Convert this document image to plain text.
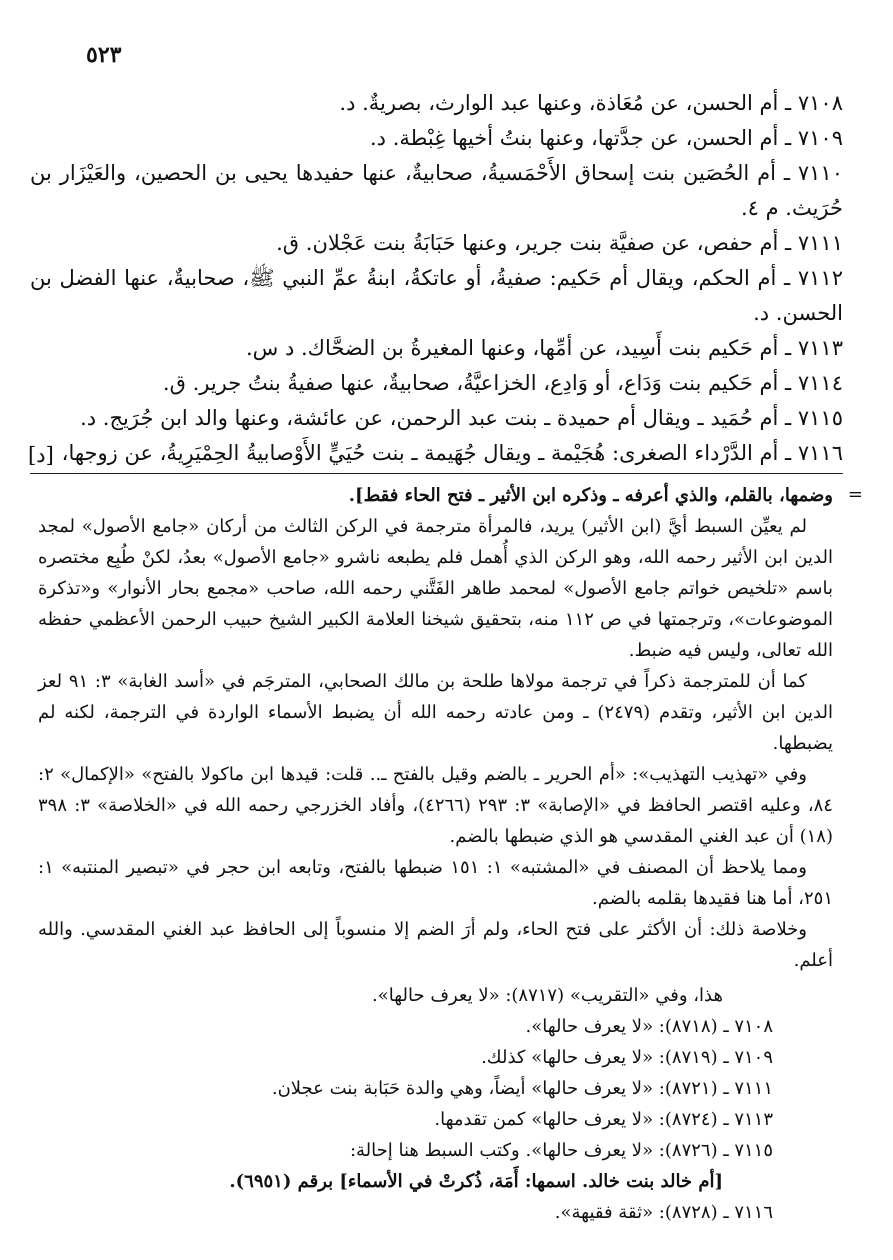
٥٢٣

٧١٠٨ ـ أم الحسن، عن مُعَاذة، وعنها عبد الوارث، بصريةٌ. د.

٧١٠٩ ـ أم الحسن، عن جدَّتها، وعنها بنتُ أخيها غِبْطة. د.

٧١١٠ ـ أم الحُصَين بنت إسحاق الأَحْمَسيةُ، صحابيةٌ، عنها حفيدها يحيى بن الحصين، والعَيْزَار بن حُرَيث. م ٤.

٧١١١ ـ أم حفص، عن صفيَّة بنت جرير، وعنها حَبَابَةُ بنت عَجْلان. ق.

٧١١٢ ـ أم الحكم، ويقال أم حَكيم: صفيةُ، أو عاتكةُ، ابنةُ عمِّ النبي ﷺ، صحابيةٌ، عنها الفضل بن الحسن. د.

٧١١٣ ـ أم حَكيم بنت أَسِيد، عن أمِّها، وعنها المغيرةُ بن الضحَّاك. د س.

٧١١٤ ـ أم حَكيم بنت وَدَاع، أو وَادِع، الخزاعيَّةُ، صحابيةٌ، عنها صفيةُ بنتُ جرير. ق.

٧١١٥ ـ أم حُمَيد ـ ويقال أم حميدة ـ بنت عبد الرحمن، عن عائشة، وعنها والد ابن جُرَيج. د.

٧١١٦ ـ أم الدَّرْداء الصغرى: هُجَيْمة ـ ويقال جُهَيمة ـ بنت حُيَيٍّ الأَوْصابيةُ الحِمْيَرِيةُ، عن زوجها،

[د]
=

وضمها، بالقلم، والذي أعرفه ـ وذكره ابن الأثير ـ فتح الحاء فقط].

لم يعيِّن السبط أيَّ (ابن الأثير) يريد، فالمرأة مترجمة في الركن الثالث من أركان «جامع الأصول» لمجد الدين ابن الأثير رحمه الله، وهو الركن الذي أُهمل فلم يطبعه ناشرو «جامع الأصول» بعدُ، لكنْ طُبِع مختصره باسم «تلخيص خواتم جامع الأصول» لمحمد طاهر الفَتَّني رحمه الله، صاحب «مجمع بحار الأنوار» و«تذكرة الموضوعات»، وترجمتها في ص ١١٢ منه، بتحقيق شيخنا العلامة الكبير الشيخ حبيب الرحمن الأعظمي حفظه الله تعالى، وليس فيه ضبط.

كما أن للمترجمة ذكراً في ترجمة مولاها طلحة بن مالك الصحابي، المترجَم في «أسد الغابة» ٣: ٩١ لعز الدين ابن الأثير، وتقدم (٢٤٧٩) ـ ومن عادته رحمه الله أن يضبط الأسماء الواردة في الترجمة، لكنه لم يضبطها.

وفي «تهذيب التهذيب»: «أم الحرير ـ بالضم وقيل بالفتح ـ.. قلت: قيدها ابن ماكولا بالفتح» «الإكمال» ٢: ٨٤، وعليه اقتصر الحافظ في «الإصابة» ٣: ٢٩٣ (٤٢٦٦)، وأفاد الخزرجي رحمه الله في «الخلاصة» ٣: ٣٩٨ (١٨) أن عبد الغني المقدسي هو الذي ضبطها بالضم.

ومما يلاحظ أن المصنف في «المشتبه» ١: ١٥١ ضبطها بالفتح، وتابعه ابن حجر في «تبصير المنتبه» ١: ٢٥١، أما هنا فقيدها بقلمه بالضم.

وخلاصة ذلك: أن الأكثر على فتح الحاء، ولم أرَ الضم إلا منسوباً إلى الحافظ عبد الغني المقدسي. والله أعلم.

هذا، وفي «التقريب» (٨٧١٧): «لا يعرف حالها».

٧١٠٨ ـ (٨٧١٨): «لا يعرف حالها».

٧١٠٩ ـ (٨٧١٩): «لا يعرف حالها» كذلك.

٧١١١ ـ (٨٧٢١): «لا يعرف حالها» أيضاً، وهي والدة حَبَابة بنت عجلان.

٧١١٣ ـ (٨٧٢٤): «لا يعرف حالها» كمن تقدمها.

٧١١٥ ـ (٨٧٢٦): «لا يعرف حالها». وكتب السبط هنا إحالة:

[أم خالد بنت خالد. اسمها: أَمَة، ذُكرتْ في الأسماء] برقم (٦٩٥١).

٧١١٦ ـ (٨٧٢٨): «ثقة فقيهة».
